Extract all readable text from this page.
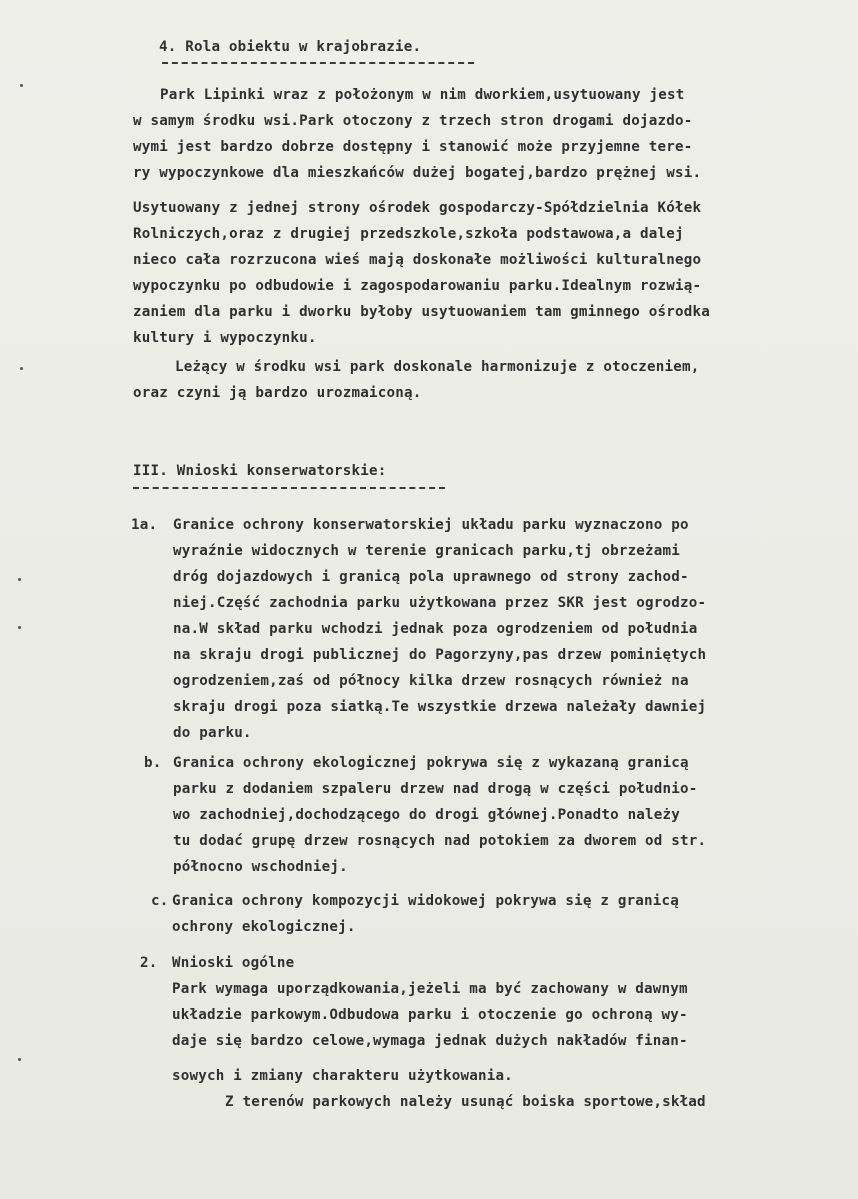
4. Rola obiektu w krajobrazie.
Park Lipinki wraz z położonym w nim dworkiem,usytuowany jest
w samym środku wsi.Park otoczony z trzech stron drogami dojazdo-
wymi jest bardzo dobrze dostępny i stanowić może przyjemne tere-
ry wypoczynkowe dla mieszkańców dużej bogatej,bardzo prężnej wsi.
Usytuowany z jednej strony ośrodek gospodarczy-Spółdzielnia Kółek
Rolniczych,oraz z drugiej przedszkole,szkoła podstawowa,a dalej
nieco cała rozrzucona wieś mają doskonałe możliwości kulturalnego
wypoczynku po odbudowie i zagospodarowaniu parku.Idealnym rozwią-
zaniem dla parku i dworku byłoby usytuowaniem tam gminnego ośrodka
kultury i wypoczynku.
Leżący w środku wsi park doskonale harmonizuje z otoczeniem,
oraz czyni ją bardzo urozmaiconą.
III. Wnioski konserwatorskie:
1a. Granice ochrony konserwatorskiej układu parku wyznaczono po
wyraźnie widocznych w terenie granicach parku,tj obrzeżami
dróg dojazdowych i granicą pola uprawnego od strony zachod-
niej.Część zachodnia parku użytkowana przez SKR jest ogrodzo-
na.W skład parku wchodzi jednak poza ogrodzeniem od południa
na skraju drogi publicznej do Pagorzyny,pas drzew pominiętych
ogrodzeniem,zaś od północy kilka drzew rosnących również na
skraju drogi poza siatką.Te wszystkie drzewa należały dawniej
do parku.
b. Granica ochrony ekologicznej pokrywa się z wykazaną granicą
parku z dodaniem szpaleru drzew nad drogą w części południo-
wo zachodniej,dochodzącego do drogi głównej.Ponadto należy
tu dodać grupę drzew rosnących nad potokiem za dworem od str.
północno wschodniej.
c. Granica ochrony kompozycji widokowej pokrywa się z granicą
ochrony ekologicznej.
2. Wnioski ogólne
Park wymaga uporządkowania,jeżeli ma być zachowany w dawnym
układzie parkowym.Odbudowa parku i otoczenie go ochroną wy-
daje się bardzo celowe,wymaga jednak dużych nakładów finan-
sowych i zmiany charakteru użytkowania.
Z terenów parkowych należy usunąć boiska sportowe,skład
